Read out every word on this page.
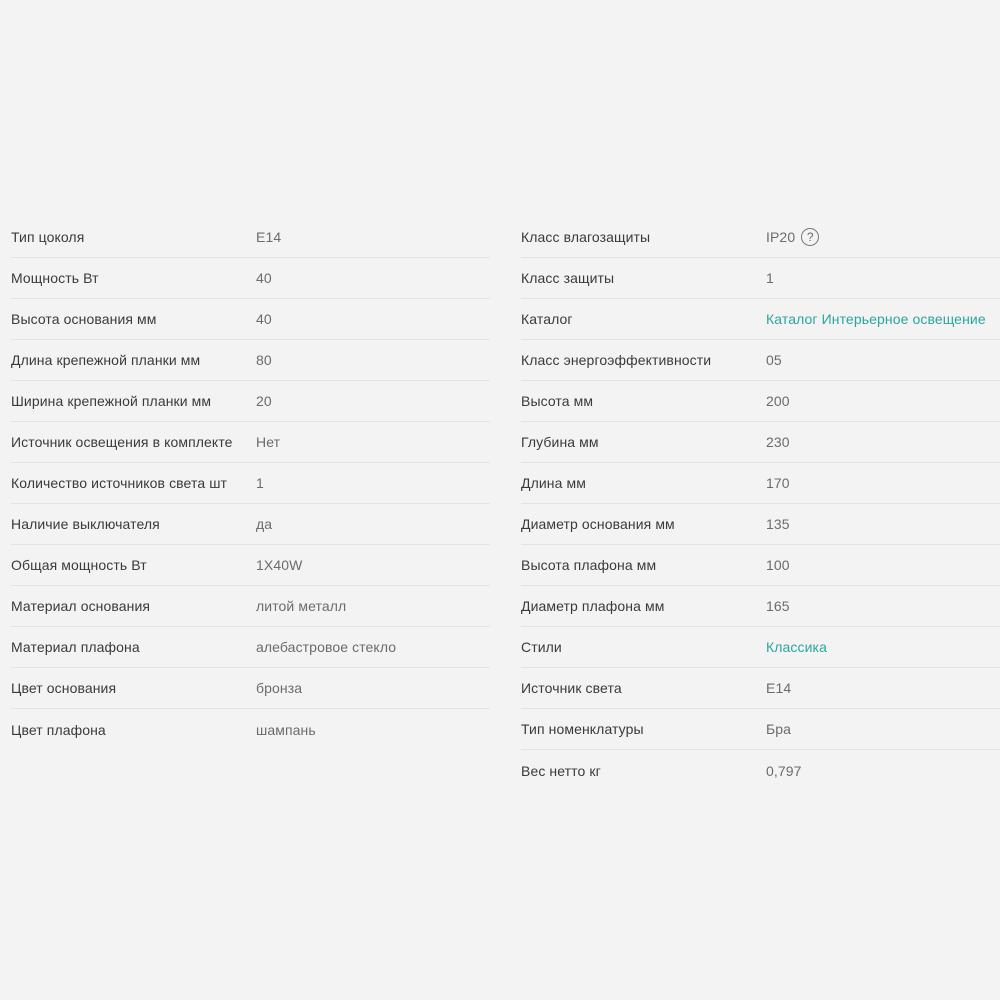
Тип цоколя	E14
Мощность Вт	40
Высота основания мм	40
Длина крепежной планки мм	80
Ширина крепежной планки мм	20
Источник освещения в комплекте	Нет
Количество источников света шт	1
Наличие выключателя	да
Общая мощность Вт	1X40W
Материал основания	литой металл
Материал плафона	алебастровое стекло
Цвет основания	бронза
Цвет плафона	шампань
Класс влагозащиты	IP20 ?
Класс защиты	1
Каталог	Каталог Интерьерное освещение
Класс энергоэффективности	05
Высота мм	200
Глубина мм	230
Длина мм	170
Диаметр основания мм	135
Высота плафона мм	100
Диаметр плафона мм	165
Стили	Классика
Источник света	E14
Тип номенклатуры	Бра
Вес нетто кг	0,797
